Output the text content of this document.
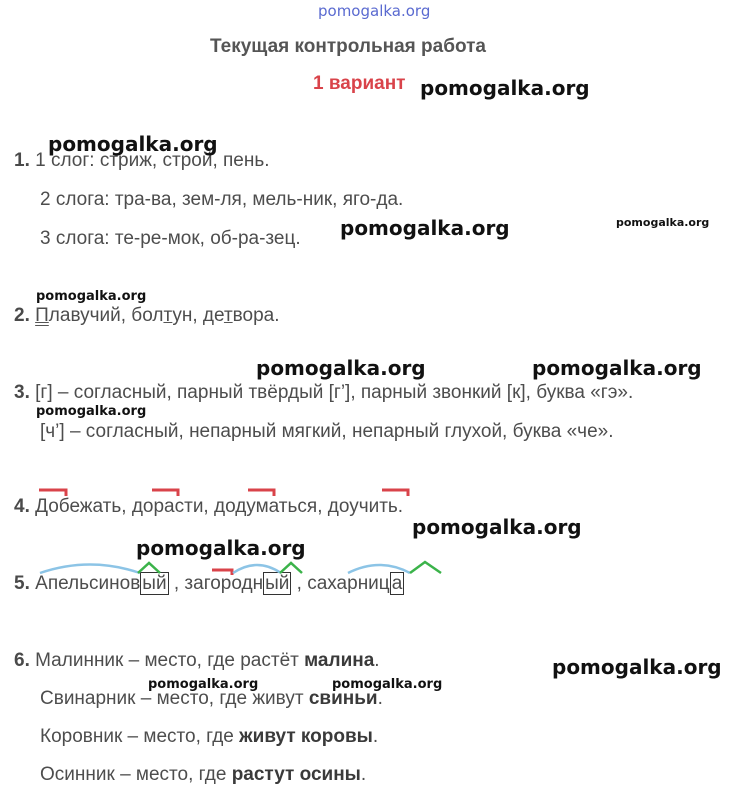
pomogalka.org
Текущая контрольная работа
1 вариант
1. 1 слог: стриж, строй, пень.
2 слога: тра-ва, зем-ля, мель-ник, яго-да.
3 слога: те-ре-мок, об-ра-зец.
2. Плавучий, болтун, детвора.
3. [г] – согласный, парный твёрдый [г’], парный звонкий [к], буква «гэ».
[ч’] – согласный, непарный мягкий, непарный глухой, буква «че».
4. Добежать, дорасти, додуматься, доучить.
5. Апельсинов ый , загородн ый , сахарниц а
6. Малинник – место, где растёт малина.
Свинарник – место, где живут свиньи.
Коровник – место, где живут коровы.
Осинник – место, где растут осины.
pomogalka.org
pomogalka.org
pomogalka.org	pomogalka.org
pomogalka.org
pomogalka.org	pomogalka.org
pomogalka.org
pomogalka.org
pomogalka.org
pomogalka.org
pomogalka.org	pomogalka.org
